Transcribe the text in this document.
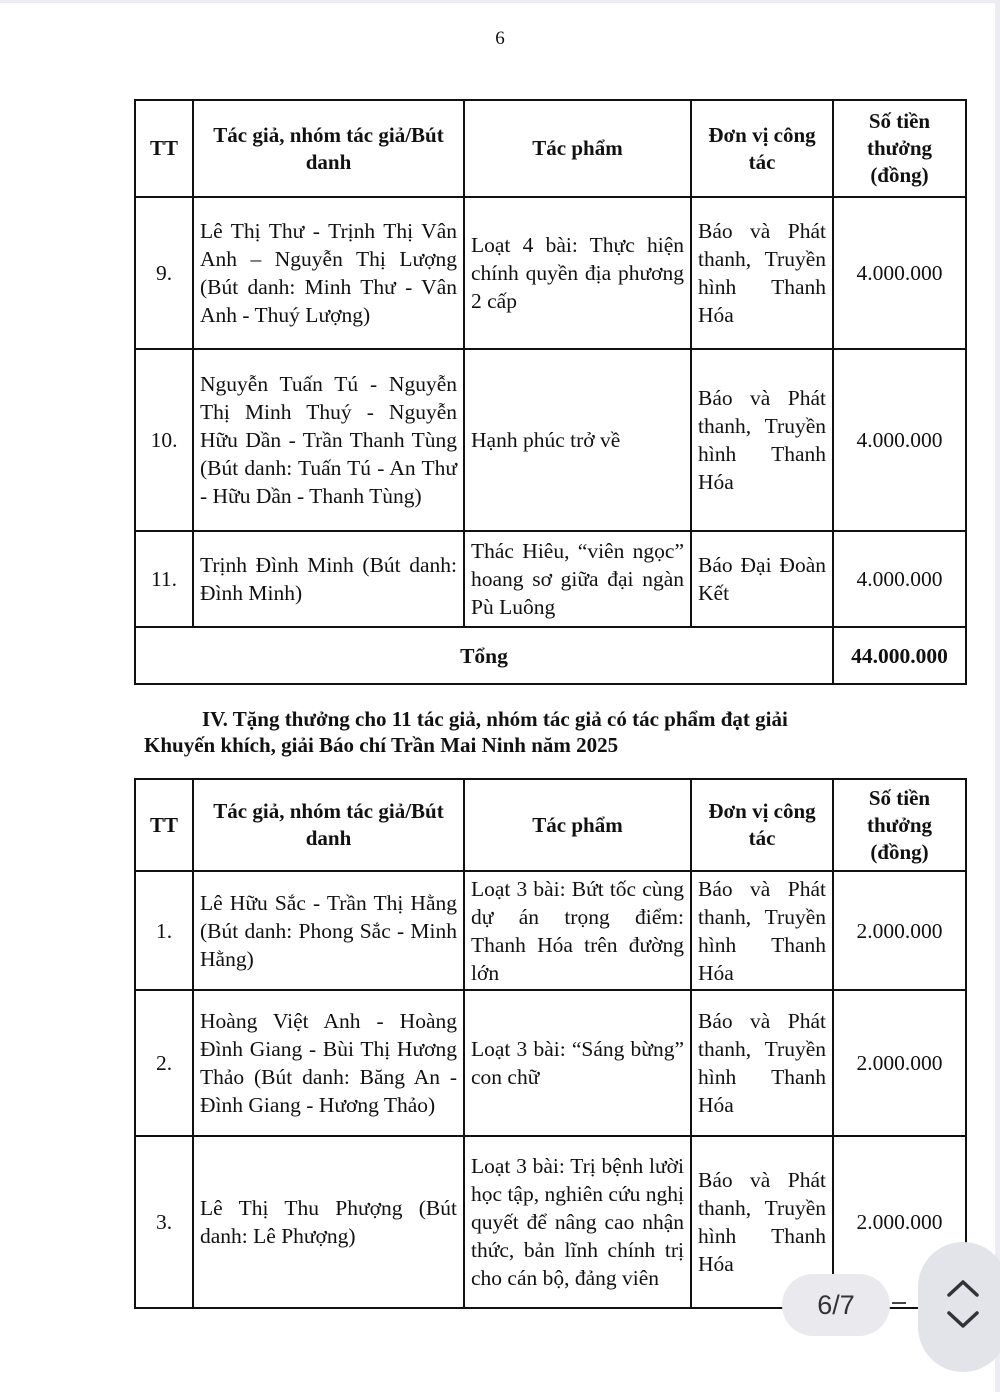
6
TT	Tác giả, nhóm tác giả/Bút danh	Tác phẩm	Đơn vị công tác	Số tiền thưởng (đồng)
9.	Lê Thị Thư - Trịnh Thị Vân Anh – Nguyễn Thị Lượng (Bút danh: Minh Thư - Vân Anh - Thuý Lượng)	Loạt 4 bài: Thực hiện chính quyền địa phương 2 cấp	Báo và Phát thanh, Truyền hình Thanh Hóa	4.000.000
10.	Nguyễn Tuấn Tú - Nguyễn Thị Minh Thuý - Nguyễn Hữu Dần - Trần Thanh Tùng (Bút danh: Tuấn Tú - An Thư - Hữu Dần - Thanh Tùng)	Hạnh phúc trở về	Báo và Phát thanh, Truyền hình Thanh Hóa	4.000.000
11.	Trịnh Đình Minh (Bút danh: Đình Minh)	Thác Hiêu, “viên ngọc” hoang sơ giữa đại ngàn Pù Luông	Báo Đại Đoàn Kết	4.000.000
Tổng				44.000.000
IV. Tặng thưởng cho 11 tác giả, nhóm tác giả có tác phẩm đạt giải
Khuyến khích, giải Báo chí Trần Mai Ninh năm 2025
TT	Tác giả, nhóm tác giả/Bút danh	Tác phẩm	Đơn vị công tác	Số tiền thưởng (đồng)
1.	Lê Hữu Sắc - Trần Thị Hằng (Bút danh: Phong Sắc - Minh Hằng)	Loạt 3 bài: Bứt tốc cùng dự án trọng điểm: Thanh Hóa trên đường lớn	Báo và Phát thanh, Truyền hình Thanh Hóa	2.000.000
2.	Hoàng Việt Anh - Hoàng Đình Giang - Bùi Thị Hương Thảo (Bút danh: Băng An - Đình Giang - Hương Thảo)	Loạt 3 bài: “Sáng bừng” con chữ	Báo và Phát thanh, Truyền hình Thanh Hóa	2.000.000
3.	Lê Thị Thu Phượng (Bút danh: Lê Phượng)	Loạt 3 bài: Trị bệnh lười học tập, nghiên cứu nghị quyết để nâng cao nhận thức, bản lĩnh chính trị cho cán bộ, đảng viên	Báo và Phát thanh, Truyền hình Thanh Hóa	2.000.000
6/7
